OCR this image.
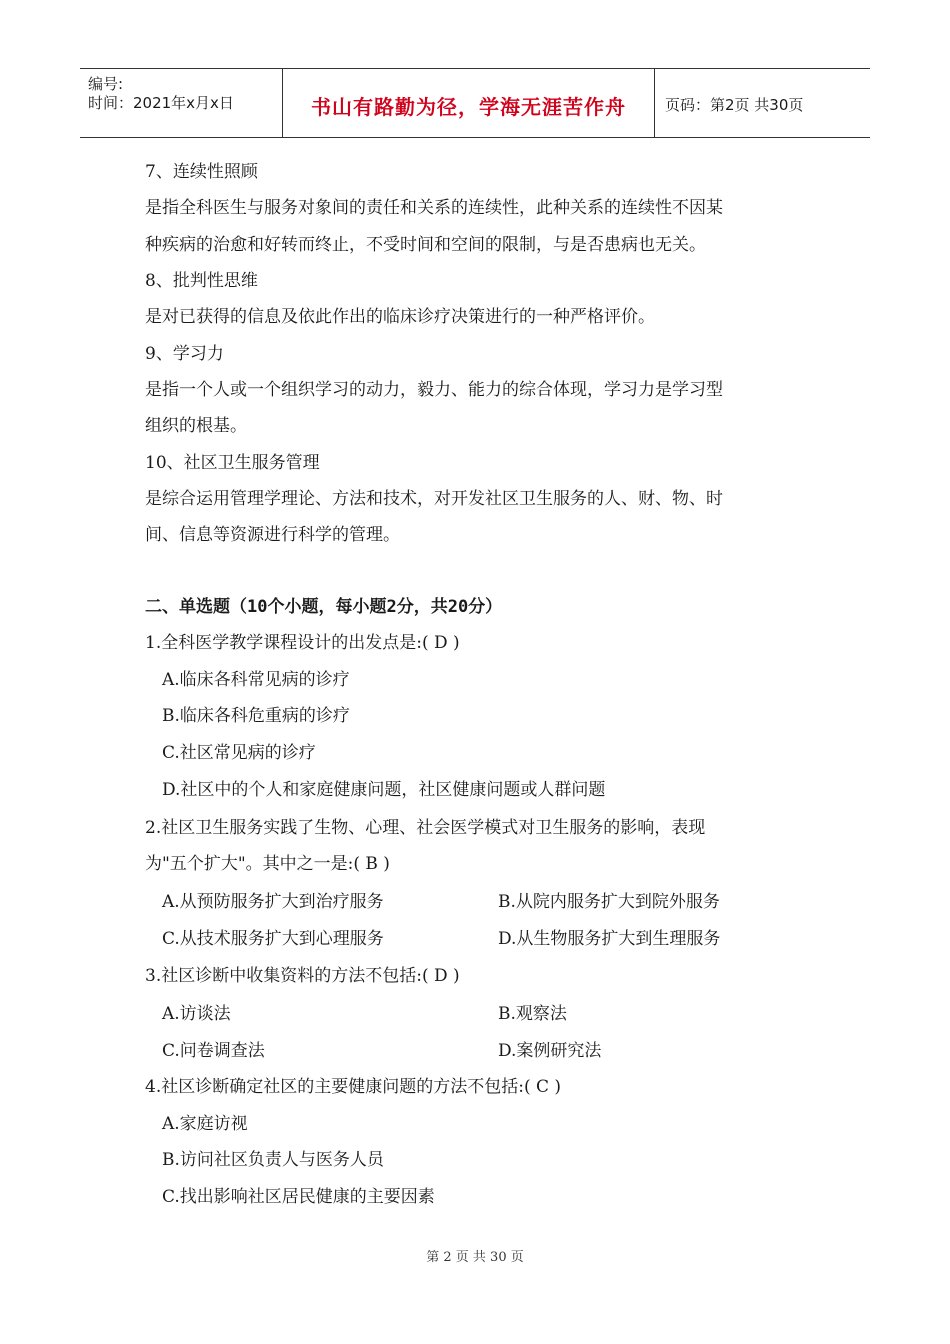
编号:
时间：2021年x月x日	书山有路勤为径，学海无涯苦作舟	页码：第2页 共30页
7、连续性照顾
是指全科医生与服务对象间的责任和关系的连续性，此种关系的连续性不因某
种疾病的治愈和好转而终止，不受时间和空间的限制，与是否患病也无关。
8、批判性思维
是对已获得的信息及依此作出的临床诊疗决策进行的一种严格评价。
9、学习力
是指一个人或一个组织学习的动力，毅力、能力的综合体现，学习力是学习型
组织的根基。
10、社区卫生服务管理
是综合运用管理学理论、方法和技术，对开发社区卫生服务的人、财、物、时
间、信息等资源进行科学的管理。
二、单选题（10个小题，每小题2分，共20分）
1.全科医学教学课程设计的出发点是:( D )
A.临床各科常见病的诊疗
B.临床各科危重病的诊疗
C.社区常见病的诊疗
D.社区中的个人和家庭健康问题，社区健康问题或人群问题
2.社区卫生服务实践了生物、心理、社会医学模式对卫生服务的影响，表现
为"五个扩大"。其中之一是:( B )
A.从预防服务扩大到治疗服务	B.从院内服务扩大到院外服务
C.从技术服务扩大到心理服务	D.从生物服务扩大到生理服务
3.社区诊断中收集资料的方法不包括:( D )
A.访谈法	B.观察法
C.问卷调查法	D.案例研究法
4.社区诊断确定社区的主要健康问题的方法不包括:( C )
A.家庭访视
B.访问社区负责人与医务人员
C.找出影响社区居民健康的主要因素
第 2 页 共 30 页
